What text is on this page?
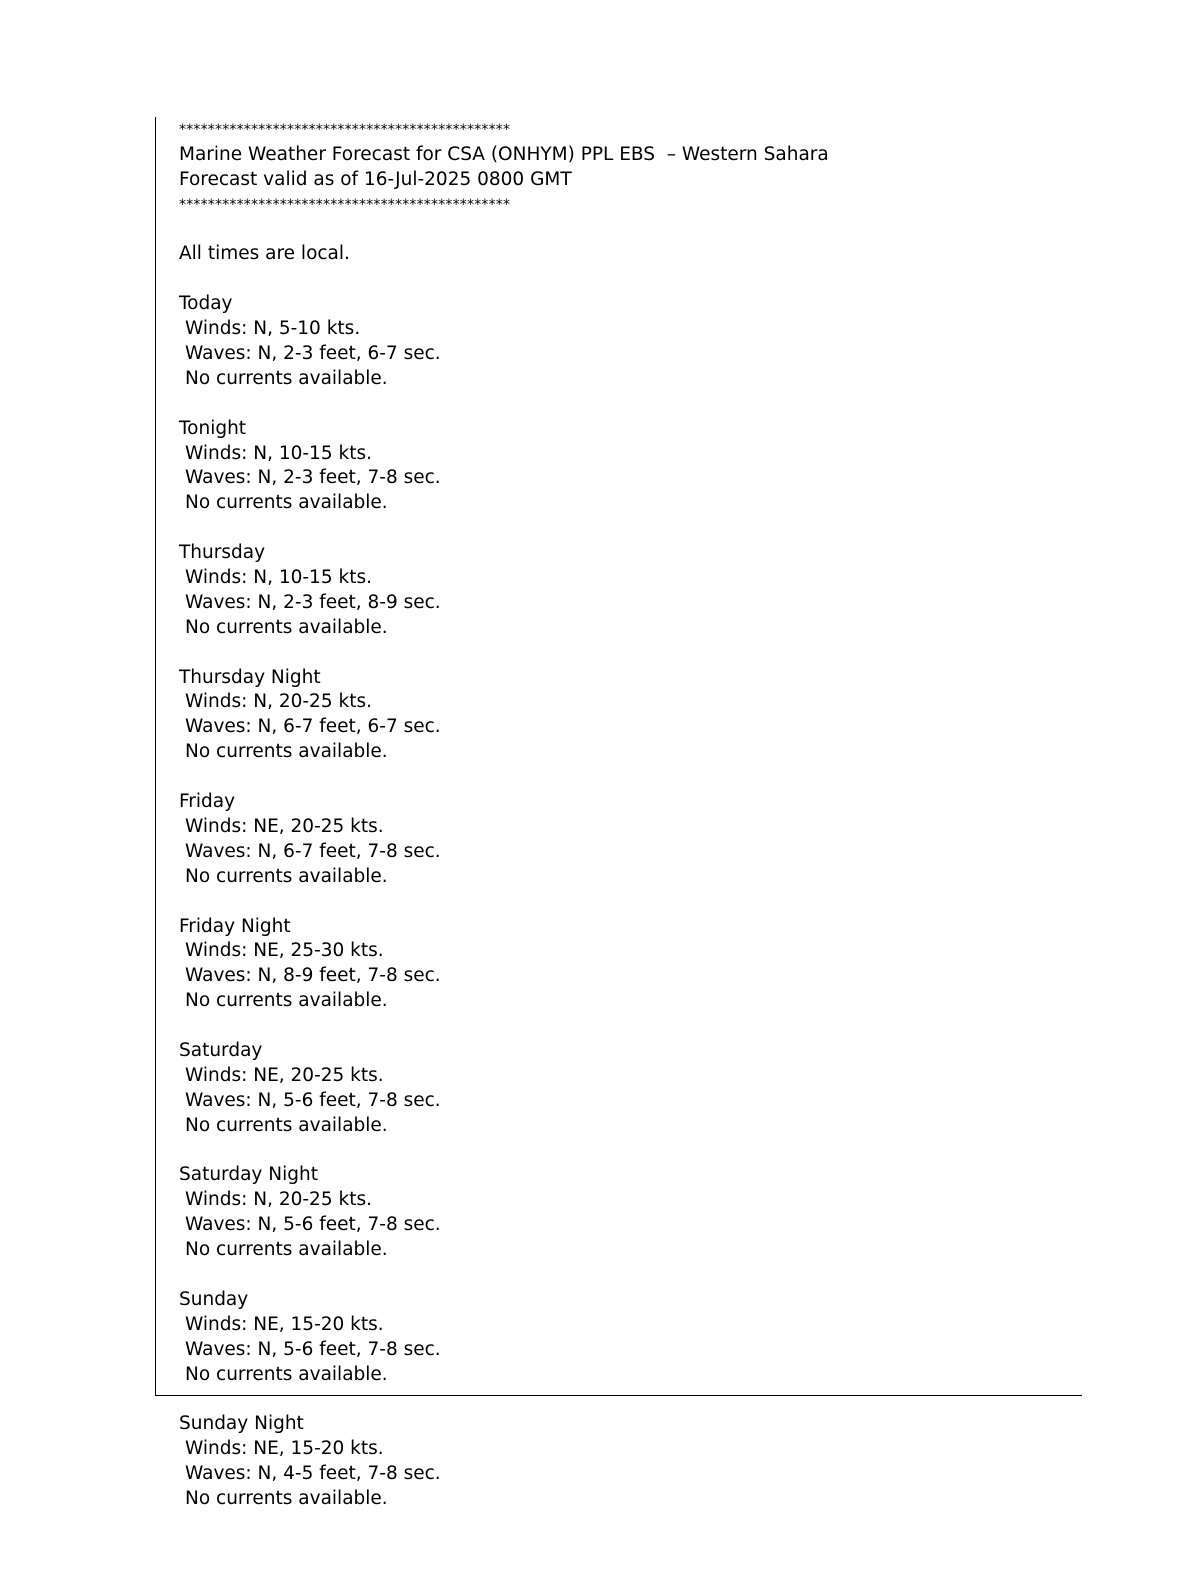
**********************************************
Marine Weather Forecast for CSA (ONHYM) PPL EBS  – Western Sahara
Forecast valid as of 16-Jul-2025 0800 GMT
**********************************************
All times are local.
Today
Winds: N, 5-10 kts.
Waves: N, 2-3 feet, 6-7 sec.
No currents available.
Tonight
Winds: N, 10-15 kts.
Waves: N, 2-3 feet, 7-8 sec.
No currents available.
Thursday
Winds: N, 10-15 kts.
Waves: N, 2-3 feet, 8-9 sec.
No currents available.
Thursday Night
Winds: N, 20-25 kts.
Waves: N, 6-7 feet, 6-7 sec.
No currents available.
Friday
Winds: NE, 20-25 kts.
Waves: N, 6-7 feet, 7-8 sec.
No currents available.
Friday Night
Winds: NE, 25-30 kts.
Waves: N, 8-9 feet, 7-8 sec.
No currents available.
Saturday
Winds: NE, 20-25 kts.
Waves: N, 5-6 feet, 7-8 sec.
No currents available.
Saturday Night
Winds: N, 20-25 kts.
Waves: N, 5-6 feet, 7-8 sec.
No currents available.
Sunday
Winds: NE, 15-20 kts.
Waves: N, 5-6 feet, 7-8 sec.
No currents available.
Sunday Night
Winds: NE, 15-20 kts.
Waves: N, 4-5 feet, 7-8 sec.
No currents available.
